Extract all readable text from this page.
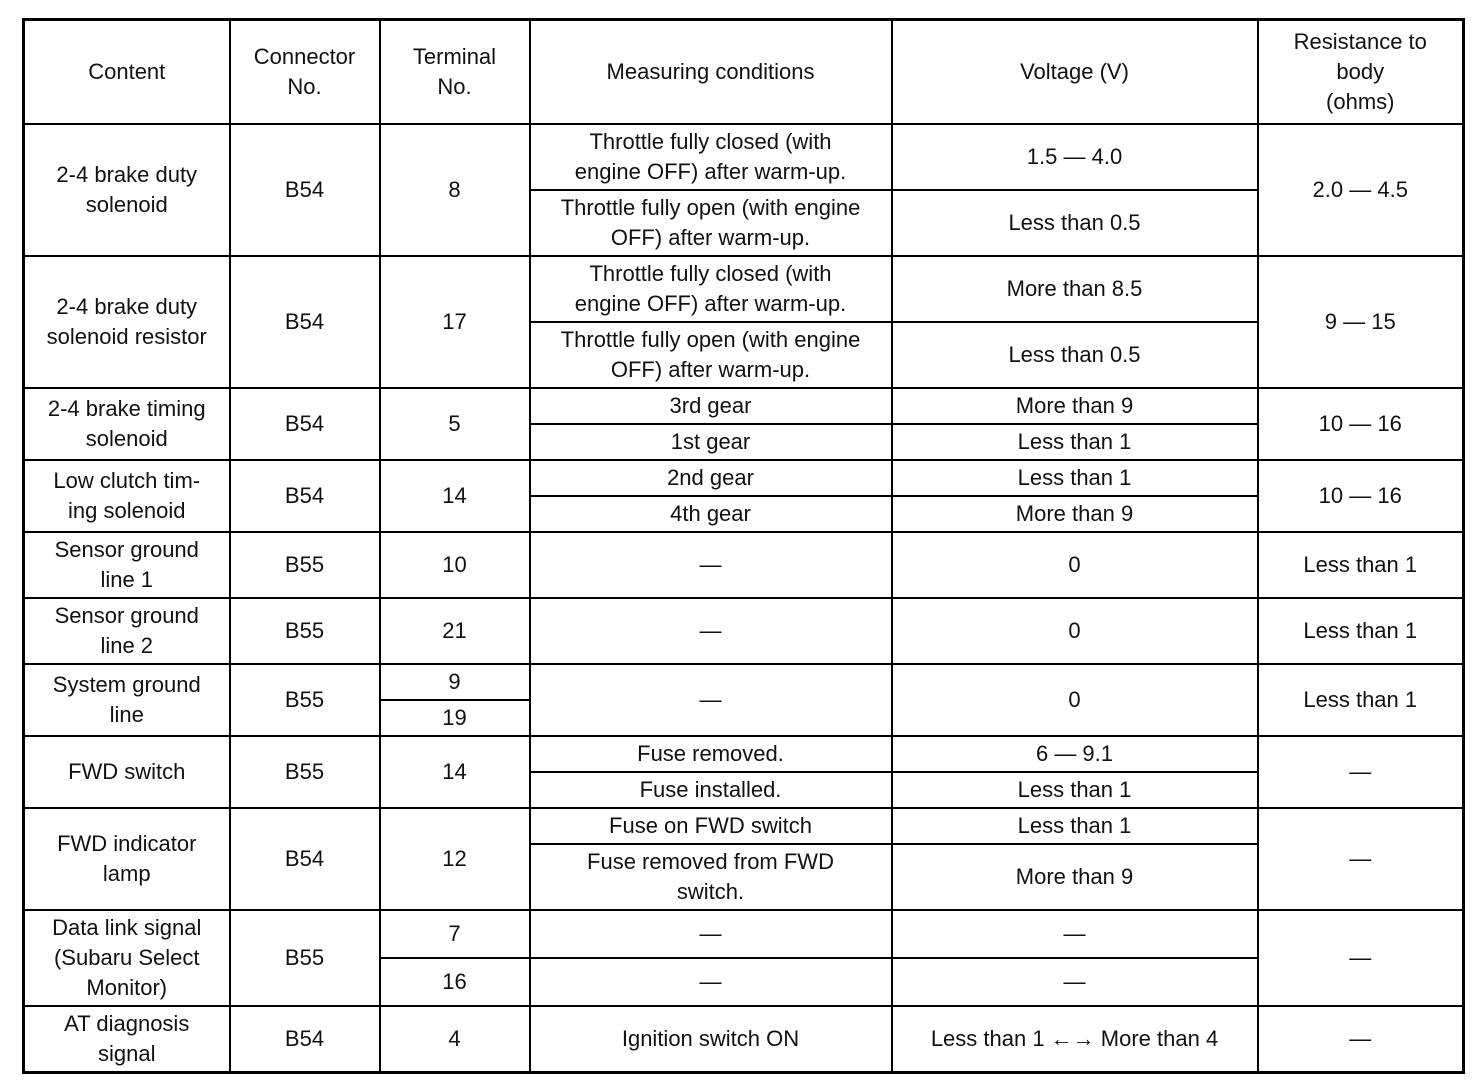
Content	Connector
No.	Terminal
No.	Measuring conditions	Voltage (V)	Resistance to
body
(ohms)
2-4 brake duty
solenoid	B54	8	Throttle fully closed (with
engine OFF) after warm-up.	1.5 — 4.0	2.0 — 4.5
			Throttle fully open (with engine
OFF) after warm-up.	Less than 0.5	
2-4 brake duty
solenoid resistor	B54	17	Throttle fully closed (with
engine OFF) after warm-up.	More than 8.5	9 — 15
			Throttle fully open (with engine
OFF) after warm-up.	Less than 0.5	
2-4 brake timing
solenoid	B54	5	3rd gear	More than 9	10 — 16
			1st gear	Less than 1	
Low clutch tim-
ing solenoid	B54	14	2nd gear	Less than 1	10 — 16
			4th gear	More than 9	
Sensor ground
line 1	B55	10	—	0	Less than 1
Sensor ground
line 2	B55	21	—	0	Less than 1
System ground
line	B55	9	—	0	Less than 1
		19			
FWD switch	B55	14	Fuse removed.	6 — 9.1	—
			Fuse installed.	Less than 1	
FWD indicator
lamp	B54	12	Fuse on FWD switch	Less than 1	—
			Fuse removed from FWD
switch.	More than 9	
Data link signal
(Subaru Select
Monitor)	B55	7	—	—	—
		16	—	—	
AT diagnosis
signal	B54	4	Ignition switch ON	Less than 1 ←→ More than 4	—
